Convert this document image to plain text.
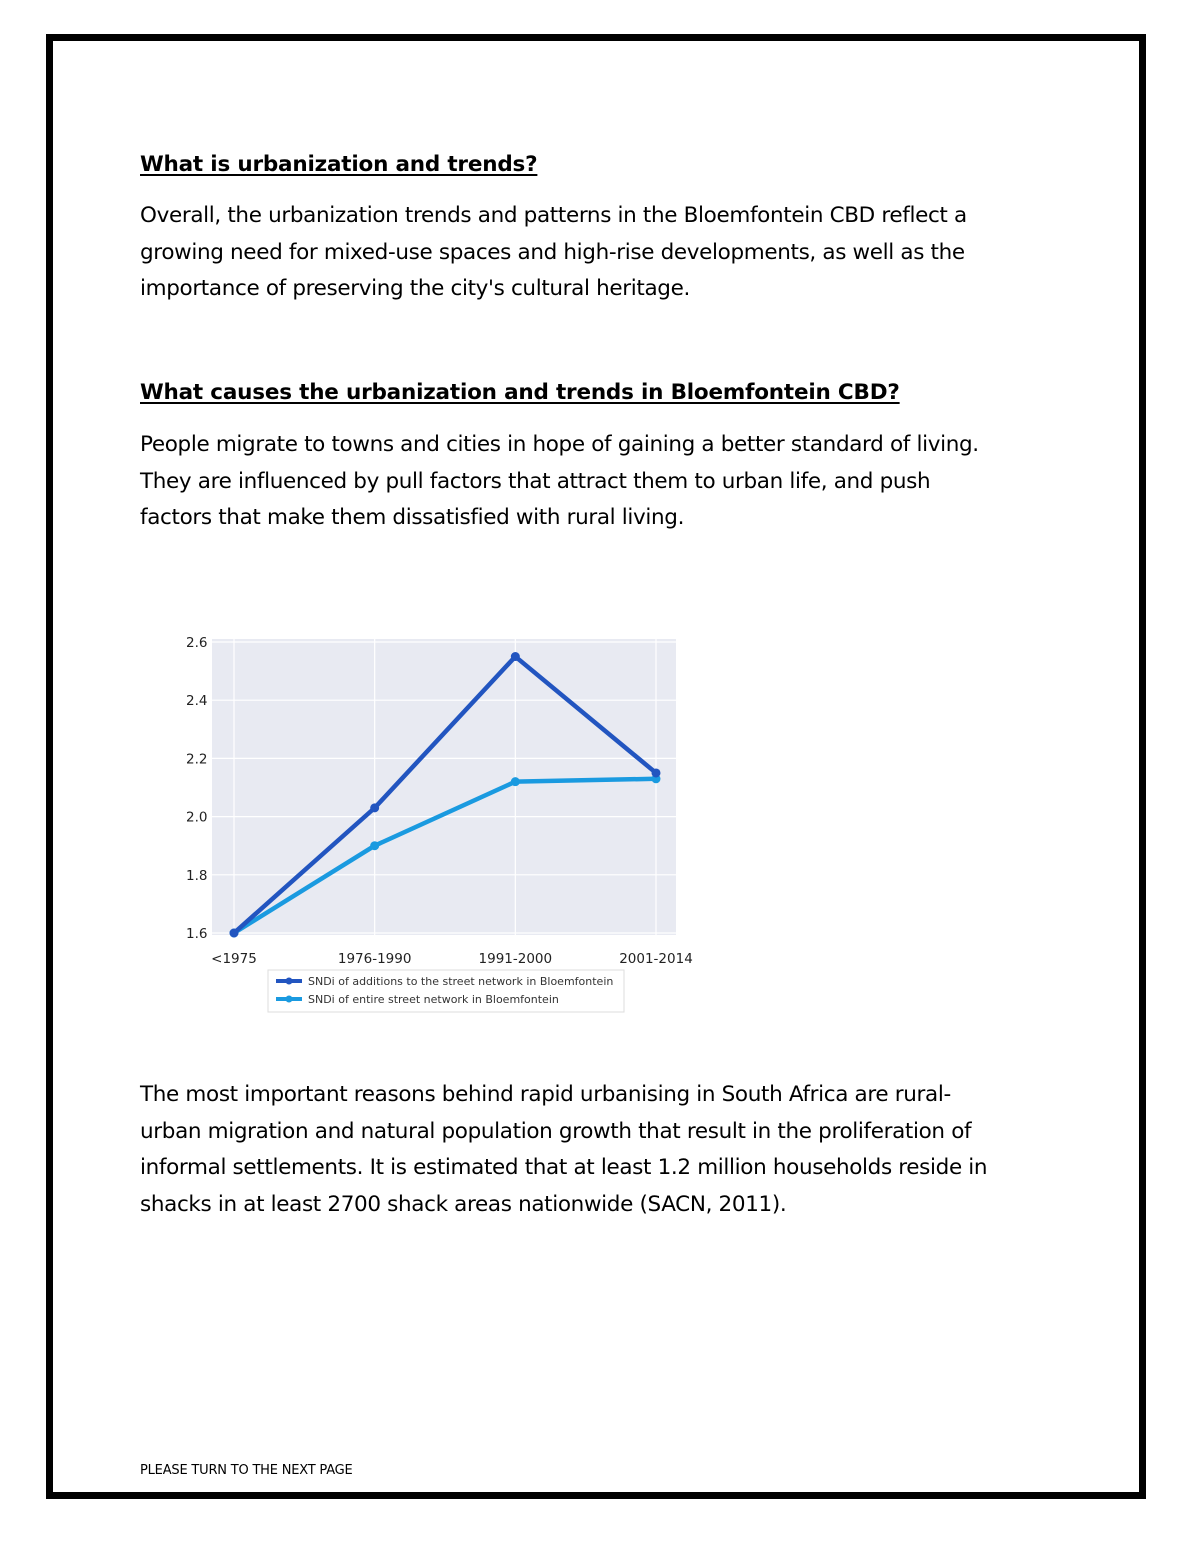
What is urbanization and trends?
Overall, the urbanization trends and patterns in the Bloemfontein CBD reflect a
growing need for mixed-use spaces and high-rise developments, as well as the
importance of preserving the city's cultural heritage.
What causes the urbanization and trends in Bloemfontein CBD?
People migrate to towns and cities in hope of gaining a better standard of living.
They are influenced by pull factors that attract them to urban life, and push
factors that make them dissatisfied with rural living.
1.6
1.8
2.0
2.2
2.4
2.6
<1975	1976-1990	1991-2000	2001-2014
SNDi of additions to the street network in Bloemfontein
SNDi of entire street network in Bloemfontein
The most important reasons behind rapid urbanising in South Africa are rural-
urban migration and natural population growth that result in the proliferation of
informal settlements. It is estimated that at least 1.2 million households reside in
shacks in at least 2700 shack areas nationwide (SACN, 2011).
PLEASE TURN TO THE NEXT PAGE
